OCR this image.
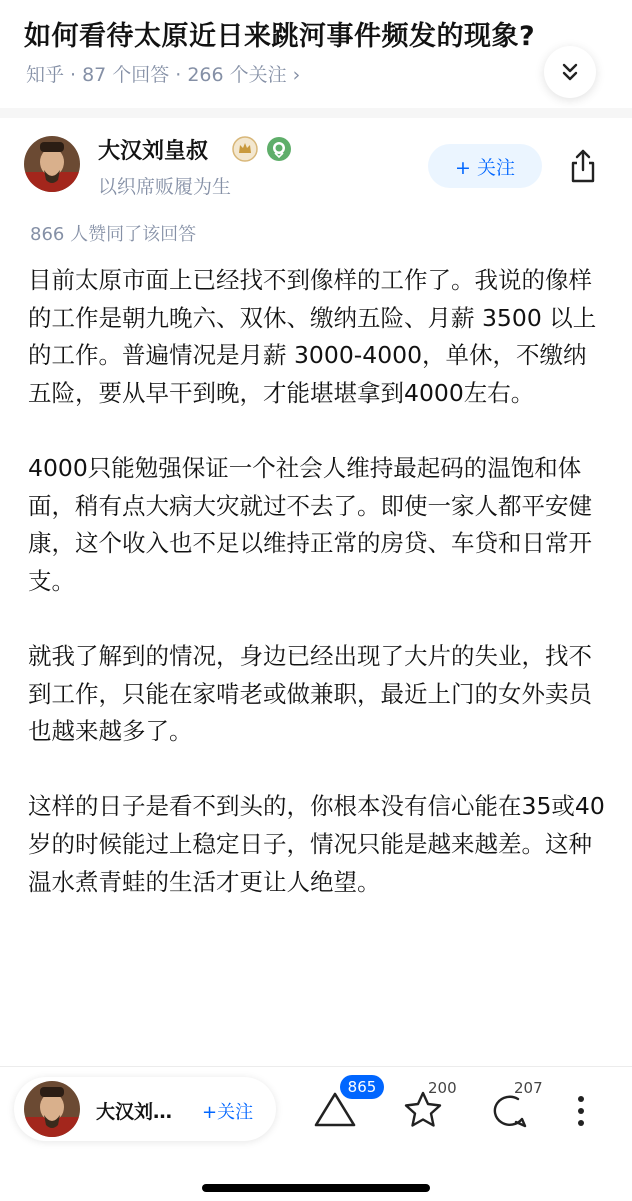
如何看待太原近日来跳河事件频发的现象?
知乎 · 87 个回答 · 266 个关注 ›
大汉刘皇叔
以织席贩履为生
+ 关注
866 人赞同了该回答

目前太原市面上已经找不到像样的工作了。我说的像样的工作是朝九晚六、双休、缴纳五险、月薪 3500 以上的工作。普遍情况是月薪 3000-4000，单休，不缴纳五险，要从早干到晚，才能堪堪拿到4000左右。

4000只能勉强保证一个社会人维持最起码的温饱和体面，稍有点大病大灾就过不去了。即使一家人都平安健康，这个收入也不足以维持正常的房贷、车贷和日常开支。

就我了解到的情况，身边已经出现了大片的失业，找不到工作，只能在家啃老或做兼职，最近上门的女外卖员也越来越多了。

这样的日子是看不到头的，你根本没有信心能在35或40岁的时候能过上稳定日子，情况只能是越来越差。这种温水煮青蛙的生活才更让人绝望。

大汉刘… +关注
865	200	207
